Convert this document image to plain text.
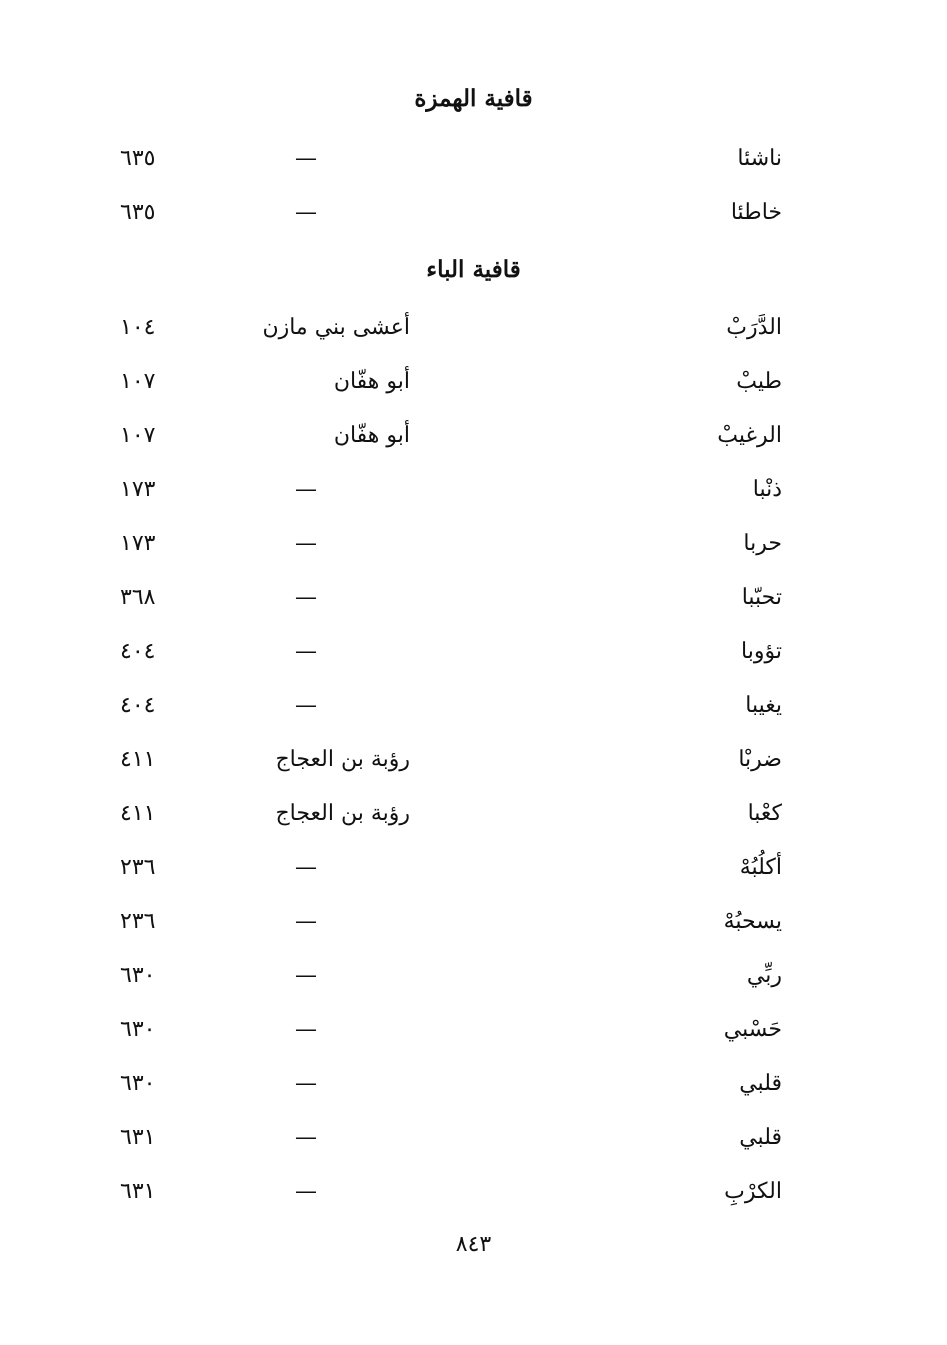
قافية الهمزة
ناشئا
—
٦٣٥
خاطئا
—
٦٣٥
قافية الباء
الدَّرَبْ
أعشى بني مازن
١٠٤
طيبْ
أبو هفّان
١٠٧
الرغيبْ
أبو هفّان
١٠٧
ذنْبا
—
١٧٣
حربا
—
١٧٣
تحبّبا
—
٣٦٨
تؤوبا
—
٤٠٤
يغيبا
—
٤٠٤
ضربْا
رؤبة بن العجاج
٤١١
كعْبا
رؤبة بن العجاج
٤١١
أكلُبُهْ
—
٢٣٦
يسحبُهْ
—
٢٣٦
ربِّي
—
٦٣٠
حَسْبي
—
٦٣٠
قلبي
—
٦٣٠
قلبي
—
٦٣١
الكرْبِ
—
٦٣١
٨٤٣
